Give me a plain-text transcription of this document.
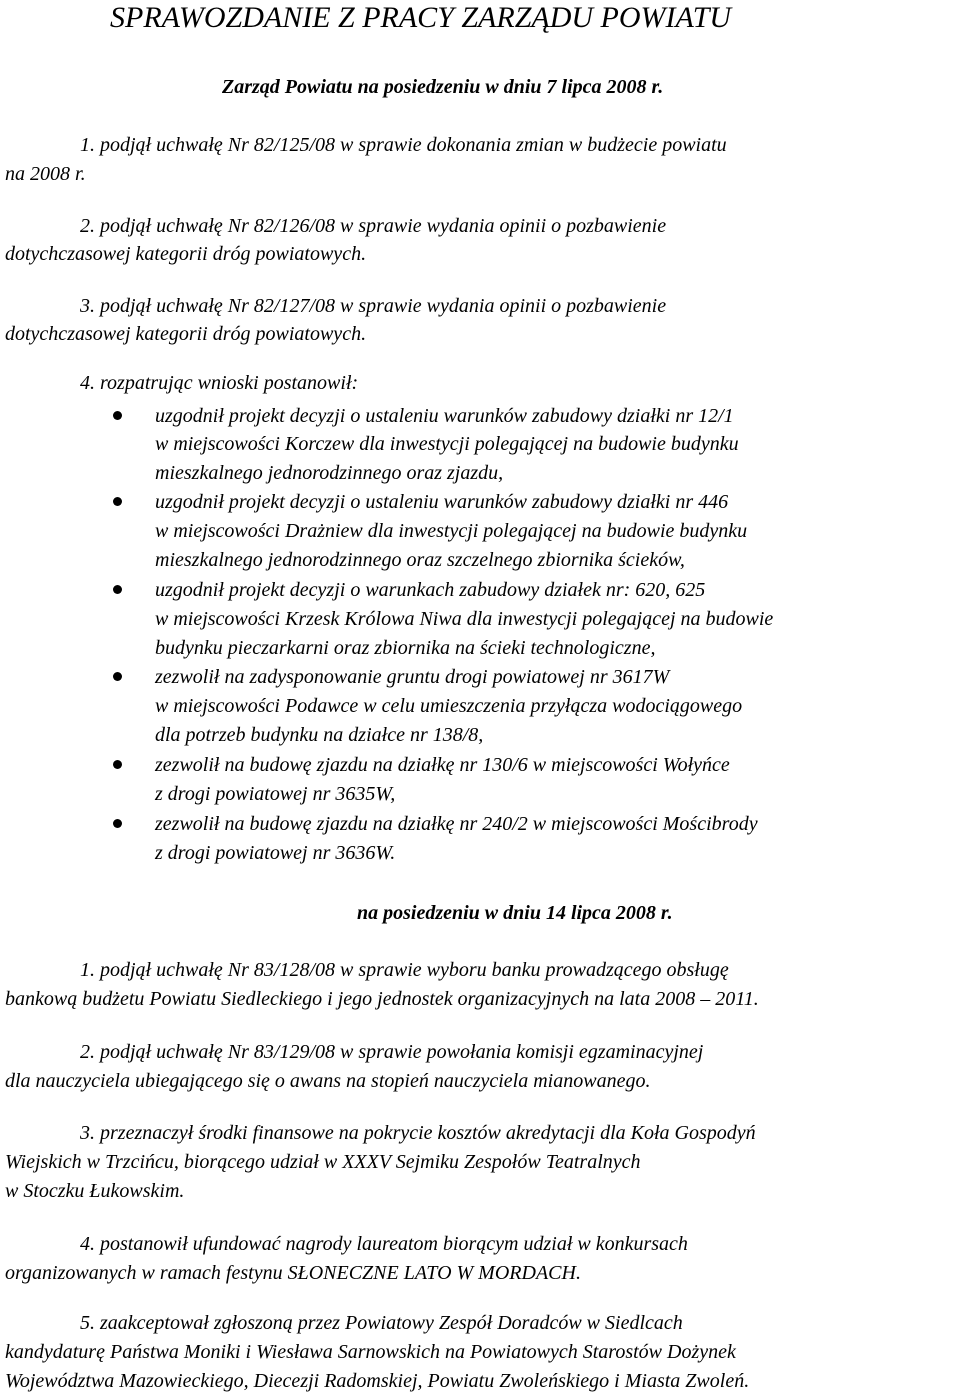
SPRAWOZDANIE Z PRACY ZARZĄDU POWIATU
Zarząd Powiatu na posiedzeniu w dniu 7 lipca 2008 r.
1. podjął uchwałę Nr 82/125/08 w sprawie dokonania zmian w budżecie powiatu
na 2008 r.
2. podjął uchwałę Nr 82/126/08 w sprawie wydania opinii o pozbawienie
dotychczasowej kategorii dróg powiatowych.
3. podjął uchwałę Nr 82/127/08 w sprawie wydania opinii o pozbawienie
dotychczasowej kategorii dróg powiatowych.
4. rozpatrując wnioski postanowił:
uzgodnił projekt decyzji o ustaleniu warunków zabudowy działki nr 12/1
w miejscowości Korczew dla inwestycji polegającej na budowie budynku
mieszkalnego jednorodzinnego oraz zjazdu,
uzgodnił projekt decyzji o ustaleniu warunków zabudowy działki nr 446
w miejscowości Drażniew dla inwestycji polegającej na budowie budynku
mieszkalnego jednorodzinnego oraz szczelnego zbiornika ścieków,
uzgodnił projekt decyzji o warunkach zabudowy działek nr: 620, 625
w miejscowości Krzesk Królowa Niwa dla inwestycji polegającej na budowie
budynku pieczarkarni oraz zbiornika na ścieki technologiczne,
zezwolił na zadysponowanie gruntu drogi powiatowej nr 3617W
w miejscowości Podawce w celu umieszczenia przyłącza wodociągowego
dla potrzeb budynku na działce nr 138/8,
zezwolił na budowę zjazdu na działkę nr 130/6 w miejscowości Wołyńce
z drogi powiatowej nr 3635W,
zezwolił na budowę zjazdu na działkę nr 240/2 w miejscowości Mościbrody
z drogi powiatowej nr 3636W.
na posiedzeniu w dniu 14 lipca 2008 r.
1. podjął uchwałę Nr 83/128/08 w sprawie wyboru banku prowadzącego obsługę
bankową budżetu Powiatu Siedleckiego i jego jednostek organizacyjnych na lata 2008 – 2011.
2. podjął uchwałę Nr 83/129/08 w sprawie powołania komisji egzaminacyjnej
dla nauczyciela ubiegającego się o awans na stopień nauczyciela mianowanego.
3. przeznaczył środki finansowe na pokrycie kosztów akredytacji dla Koła Gospodyń
Wiejskich w Trzcińcu, biorącego udział w XXXV Sejmiku Zespołów Teatralnych
w Stoczku Łukowskim.
4. postanowił ufundować nagrody laureatom biorącym udział w konkursach
organizowanych w ramach festynu SŁONECZNE LATO W MORDACH.
5. zaakceptował zgłoszoną przez Powiatowy Zespół Doradców w Siedlcach
kandydaturę Państwa Moniki i Wiesława Sarnowskich na Powiatowych Starostów Dożynek
Województwa Mazowieckiego, Diecezji Radomskiej, Powiatu Zwoleńskiego i Miasta Zwoleń.
